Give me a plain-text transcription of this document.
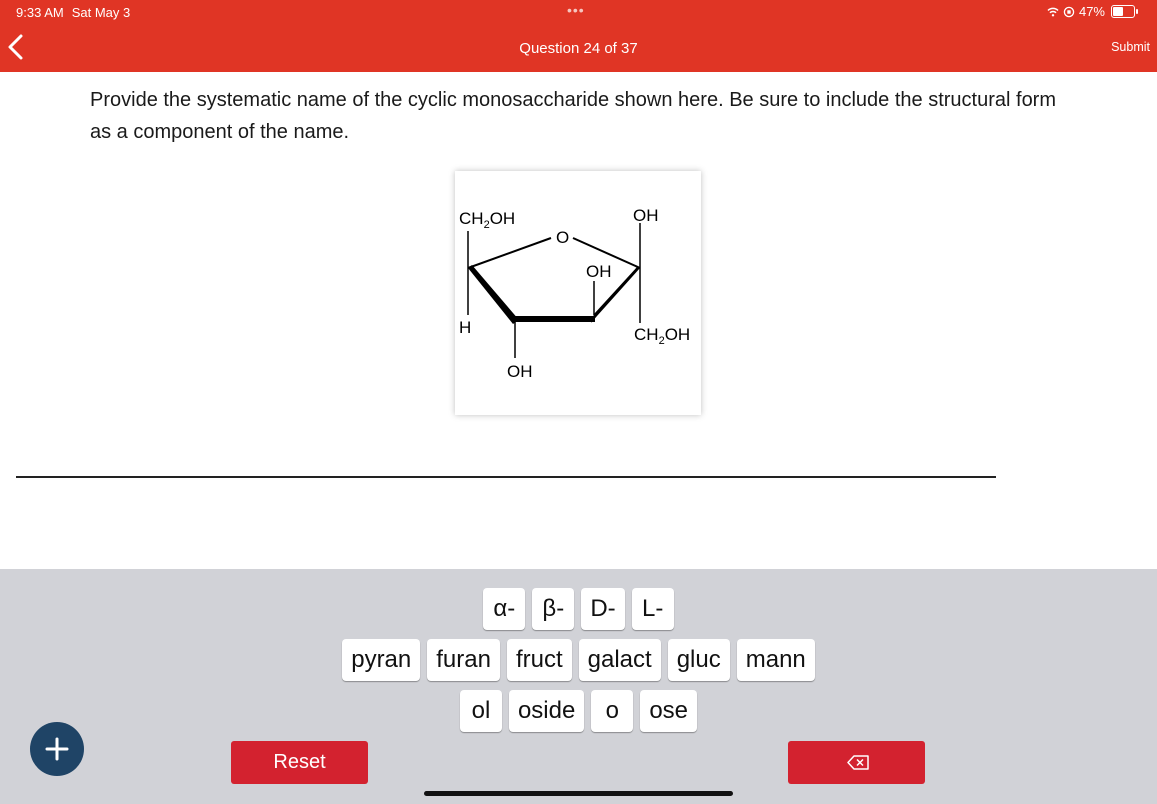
9:33 AM Sat May 3	•••	47%
Question 24 of 37	Submit
Provide the systematic name of the cyclic monosaccharide shown here. Be sure to include the structural form as a component of the name.
$CH_2OH$
O
OH
OH
H
OH
$CH_2OH$
α-	β-	D-	L-
pyran	furan	fruct	galact	gluc	mann
ol	oside	o	ose
Reset
